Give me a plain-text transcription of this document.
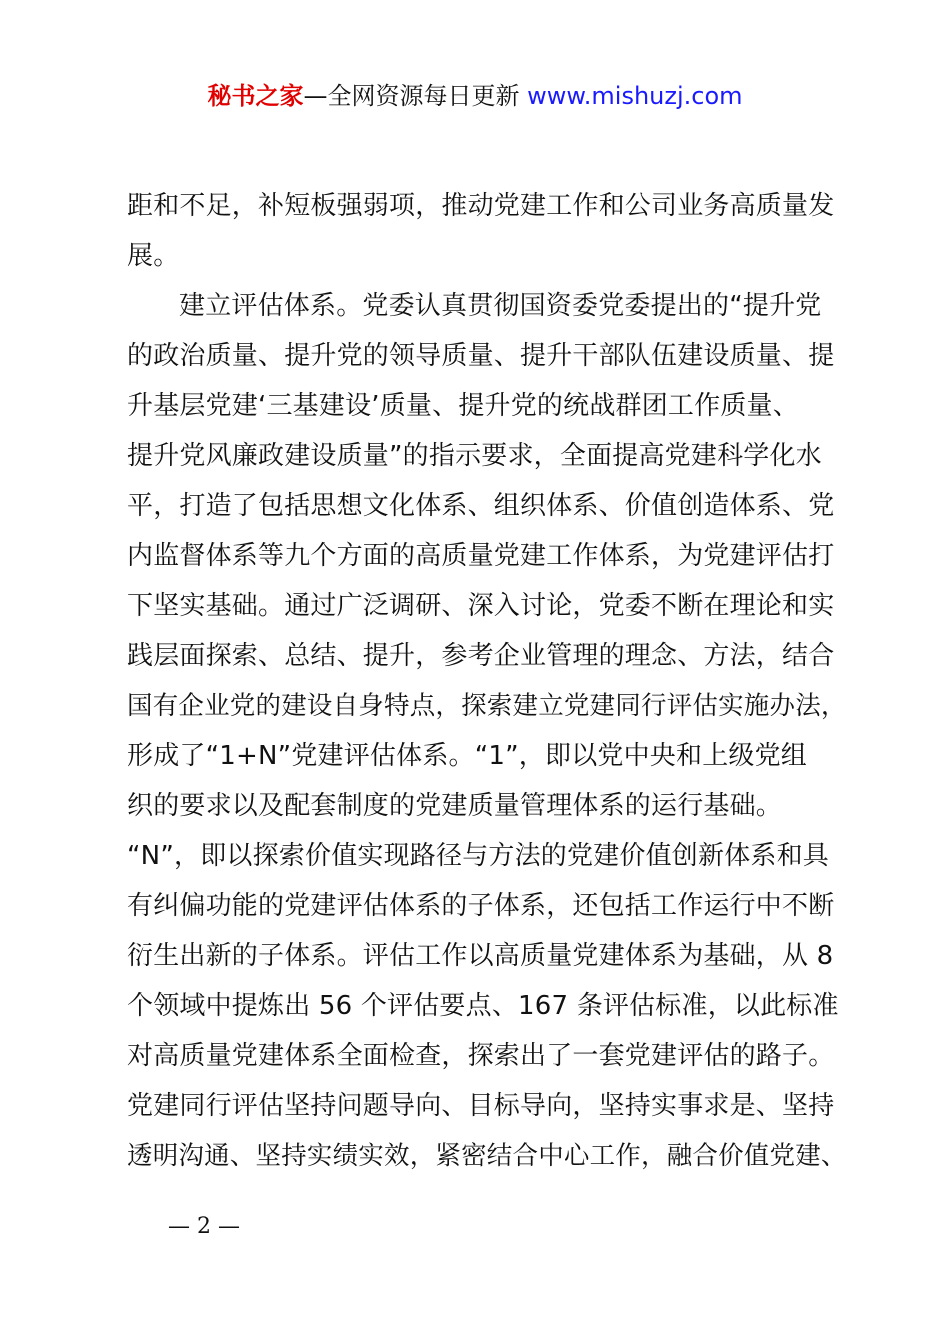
秘书之家—全网资源每日更新 www.mishuzj.com
距和不足，补短板强弱项，推动党建工作和公司业务高质量发
展。
建立评估体系。党委认真贯彻国资委党委提出的“提升党
的政治质量、提升党的领导质量、提升干部队伍建设质量、提
升基层党建‘三基建设’质量、提升党的统战群团工作质量、
提升党风廉政建设质量”的指示要求，全面提高党建科学化水
平，打造了包括思想文化体系、组织体系、价值创造体系、党
内监督体系等九个方面的高质量党建工作体系，为党建评估打
下坚实基础。通过广泛调研、深入讨论，党委不断在理论和实
践层面探索、总结、提升，参考企业管理的理念、方法，结合
国有企业党的建设自身特点，探索建立党建同行评估实施办法，
形成了“1+N”党建评估体系。“1”，即以党中央和上级党组
织的要求以及配套制度的党建质量管理体系的运行基础。
“N”，即以探索价值实现路径与方法的党建价值创新体系和具
有纠偏功能的党建评估体系的子体系，还包括工作运行中不断
衍生出新的子体系。评估工作以高质量党建体系为基础，从 8
个领域中提炼出 56 个评估要点、167 条评估标准，以此标准
对高质量党建体系全面检查，探索出了一套党建评估的路子。
党建同行评估坚持问题导向、目标导向，坚持实事求是、坚持
透明沟通、坚持实绩实效，紧密结合中心工作，融合价值党建、
— 2 —
